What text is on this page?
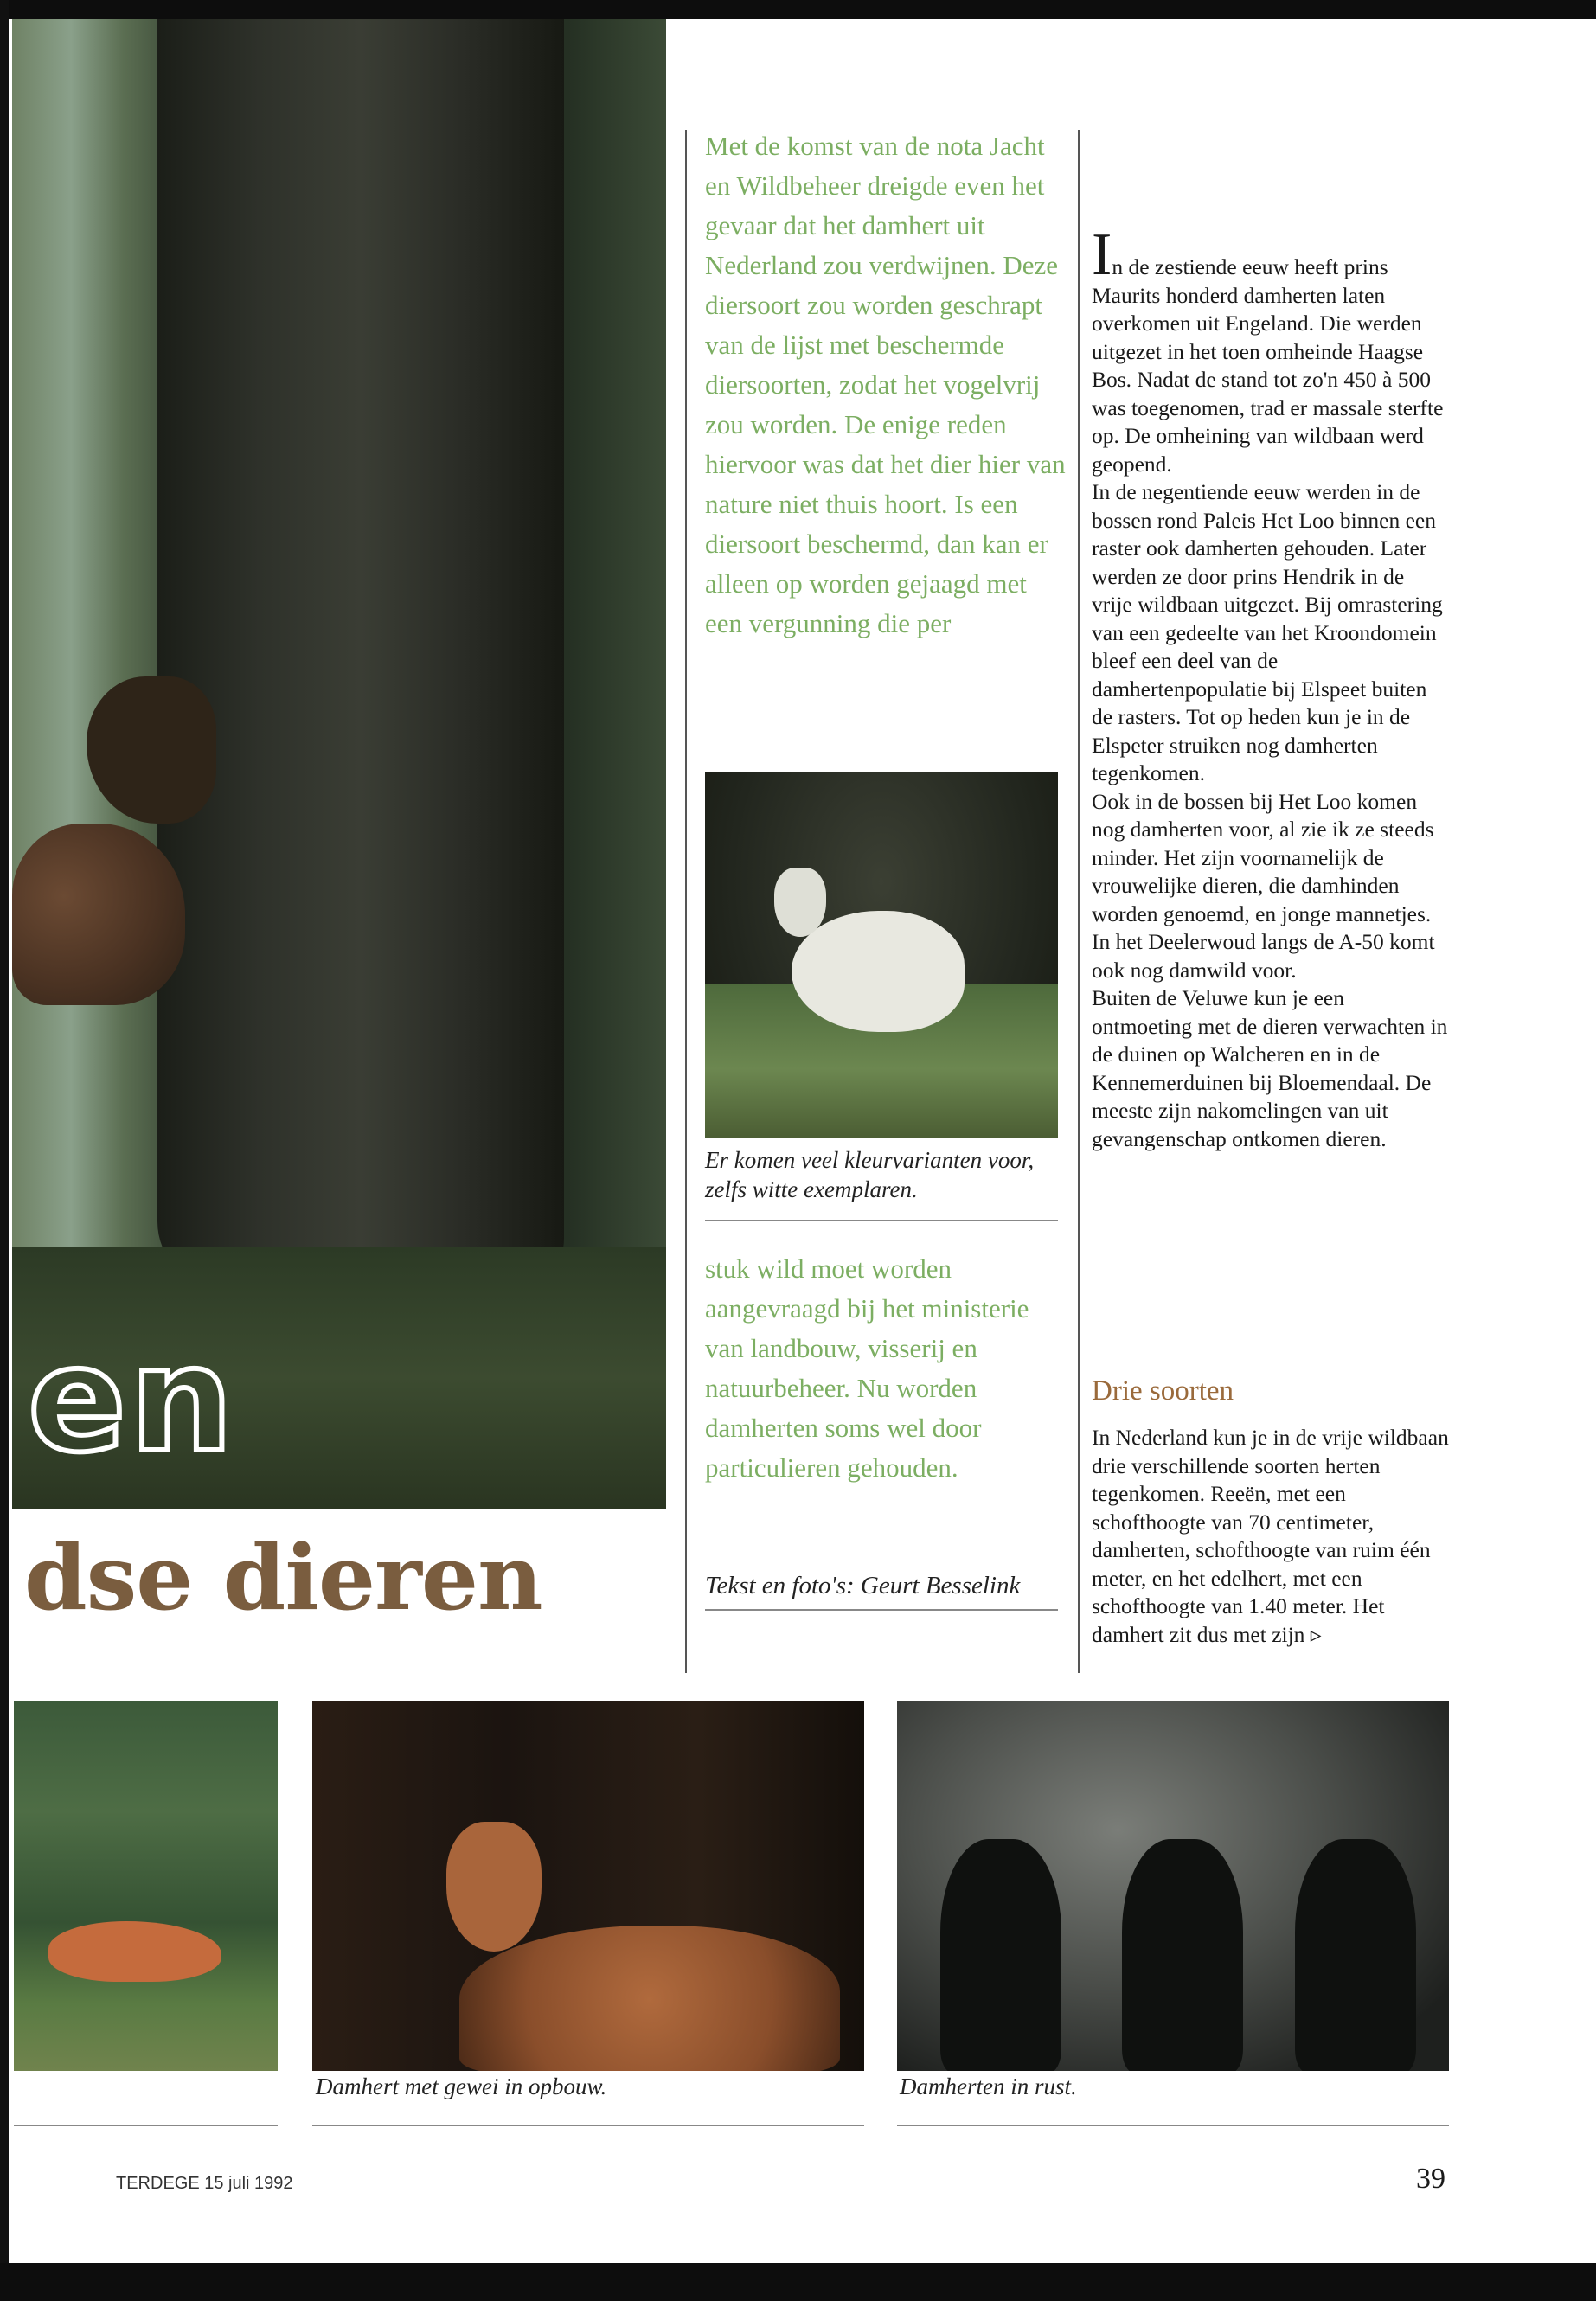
en
dse dieren
Met de komst van de nota Jacht en Wildbeheer dreigde even het gevaar dat het damhert uit Nederland zou verdwijnen. Deze diersoort zou worden geschrapt van de lijst met beschermde diersoorten, zodat het vogelvrij zou worden. De enige reden hiervoor was dat het dier hier van nature niet thuis hoort. Is een diersoort beschermd, dan kan er alleen op worden gejaagd met een vergunning die per
Er komen veel kleurvarianten voor, zelfs witte exemplaren.
stuk wild moet worden aangevraagd bij het ministerie van landbouw, visserij en natuurbeheer. Nu worden damherten soms wel door particulieren gehouden.
Tekst en foto's: Geurt Besselink

In de zestiende eeuw heeft prins Maurits honderd damherten laten overkomen uit Engeland. Die werden uitgezet in het toen omheinde Haagse Bos. Nadat de stand tot zo'n 450 à 500 was toegenomen, trad er massale sterfte op. De omheining van wildbaan werd geopend.

In de negentiende eeuw werden in de bossen rond Paleis Het Loo binnen een raster ook damherten gehouden. Later werden ze door prins Hendrik in de vrije wildbaan uitgezet. Bij omrastering van een gedeelte van het Kroondomein bleef een deel van de damhertenpopulatie bij Elspeet buiten de rasters. Tot op heden kun je in de Elspeter struiken nog damherten tegenkomen.

Ook in de bossen bij Het Loo komen nog damherten voor, al zie ik ze steeds minder. Het zijn voornamelijk de vrouwelijke dieren, die damhinden worden genoemd, en jonge mannetjes. In het Deelerwoud langs de A-50 komt ook nog damwild voor.

Buiten de Veluwe kun je een ontmoeting met de dieren verwachten in de duinen op Walcheren en in de Kennemerduinen bij Bloemendaal. De meeste zijn nakomelingen van uit gevangenschap ontkomen dieren.

Drie soorten
In Nederland kun je in de vrije wildbaan drie verschillende soorten herten tegenkomen. Reeën, met een schofthoogte van 70 centimeter, damherten, schofthoogte van ruim één meter, en het edelhert, met een schofthoogte van 1.40 meter. Het damhert zit dus met zijn ▹
Damhert met gewei in opbouw.	Damherten in rust.
TERDEGE 15 juli 1992	39
